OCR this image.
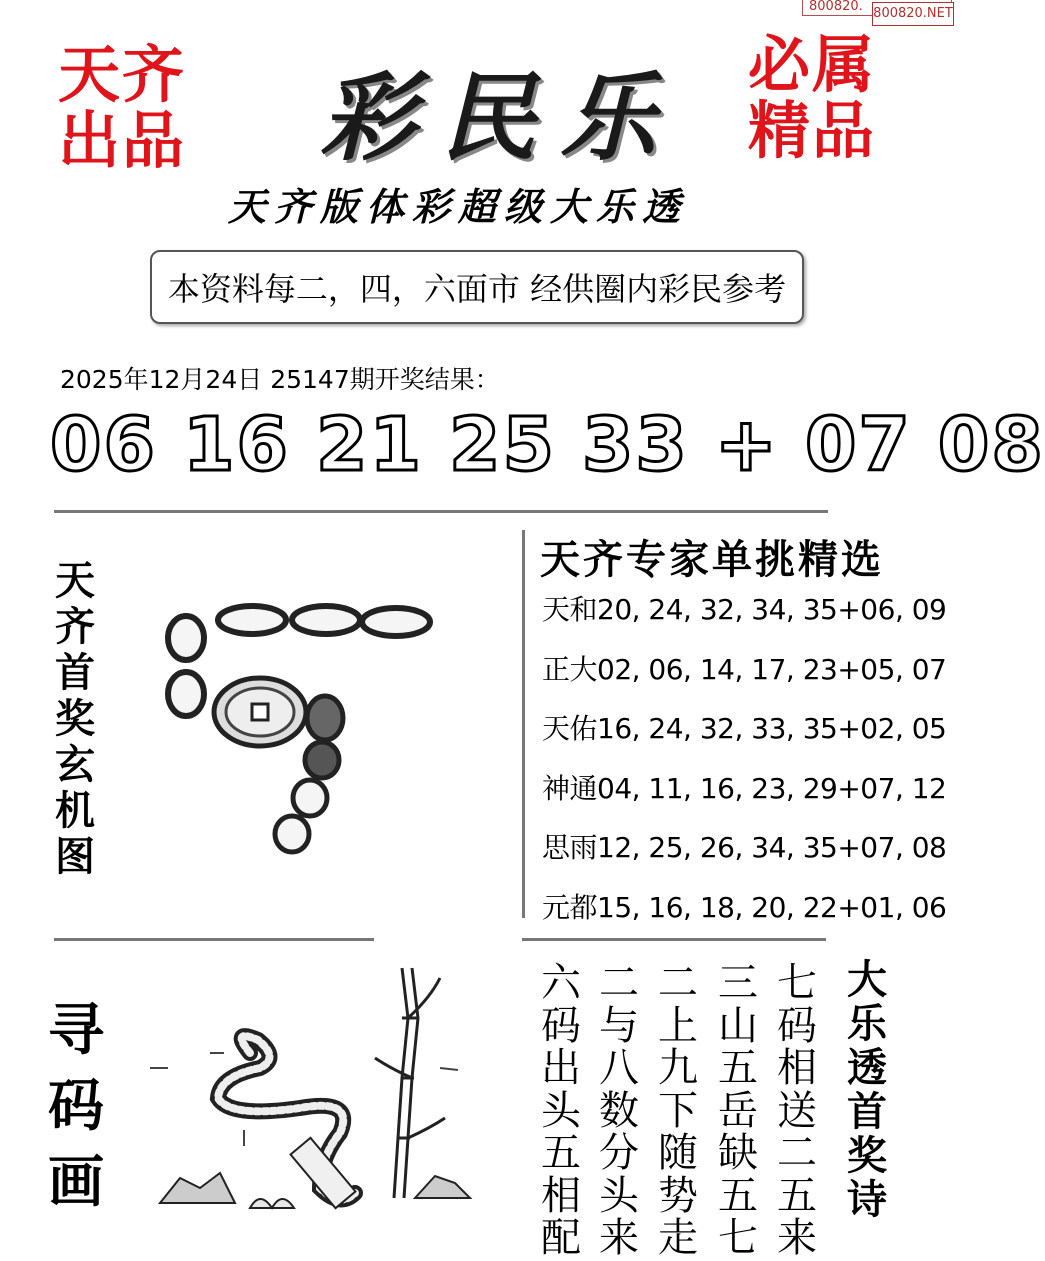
800820. 800820.NET
天齐
出品
必属
精品
彩民乐
天齐版体彩超级大乐透
本资料每二，四，六面市 经供圈内彩民参考
2025年12月24日 25147期开奖结果：
06 16 21 25 33 + 07 08
天
齐
首
奖
玄
机
图
天齐专家单挑精选
天和20, 24, 32, 34, 35+06, 09
正大02, 06, 14, 17, 23+05, 07
天佑16, 24, 32, 33, 35+02, 05
神通04, 11, 16, 23, 29+07, 12
思雨12, 25, 26, 34, 35+07, 08
元都15, 16, 18, 20, 22+01, 06
寻
码
画
六
码
出
头
五
相
配
二
与
八
数
分
头
来
二
上
九
下
随
势
走
三
山
五
岳
缺
五
七
七
码
相
送
二
五
来
大
乐
透
首
奖
诗
